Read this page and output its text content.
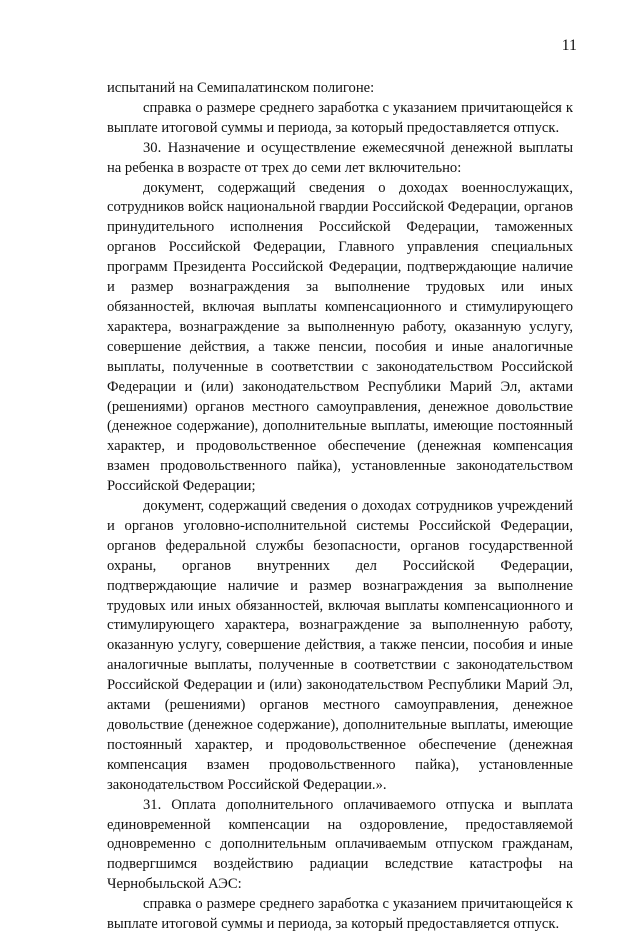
11

испытаний на Семипалатинском полигоне:

справка о размере среднего заработка с указанием причитающейся к выплате итоговой суммы и периода, за который предоставляется отпуск.

30. Назначение и осуществление ежемесячной денежной выплаты на ребенка в возрасте от трех до семи лет включительно:

документ, содержащий сведения о доходах военнослужащих, сотрудников войск национальной гвардии Российской Федерации, органов принудительного исполнения Российской Федерации, таможенных органов Российской Федерации, Главного управления специальных программ Президента Российской Федерации, подтверждающие наличие и размер вознаграждения за выполнение трудовых или иных обязанностей, включая выплаты компенсационного и стимулирующего характера, вознаграждение за выполненную работу, оказанную услугу, совершение действия, а также пенсии, пособия и иные аналогичные выплаты, полученные в соответствии с законодательством Российской Федерации и (или) законодательством Республики Марий Эл, актами (решениями) органов местного самоуправления, денежное довольствие (денежное содержание), дополнительные выплаты, имеющие постоянный характер, и продовольственное обеспечение (денежная компенсация взамен продовольственного пайка), установленные законодательством Российской Федерации;

документ, содержащий сведения о доходах сотрудников учреждений и органов уголовно-исполнительной системы Российской Федерации, органов федеральной службы безопасности, органов государственной охраны, органов внутренних дел Российской Федерации, подтверждающие наличие и размер вознаграждения за выполнение трудовых или иных обязанностей, включая выплаты компенсационного и стимулирующего характера, вознаграждение за выполненную работу, оказанную услугу, совершение действия, а также пенсии, пособия и иные аналогичные выплаты, полученные в соответствии с законодательством Российской Федерации и (или) законодательством Республики Марий Эл, актами (решениями) органов местного самоуправления, денежное довольствие (денежное содержание), дополнительные выплаты, имеющие постоянный характер, и продовольственное обеспечение (денежная компенсация взамен продовольственного пайка), установленные законодательством Российской Федерации.».

31. Оплата дополнительного оплачиваемого отпуска и выплата единовременной компенсации на оздоровление, предоставляемой одновременно с дополнительным оплачиваемым отпуском гражданам, подвергшимся воздействию радиации вследствие катастрофы на Чернобыльской АЭС:

справка о размере среднего заработка с указанием причитающейся к выплате итоговой суммы и периода, за который предоставляется отпуск.
